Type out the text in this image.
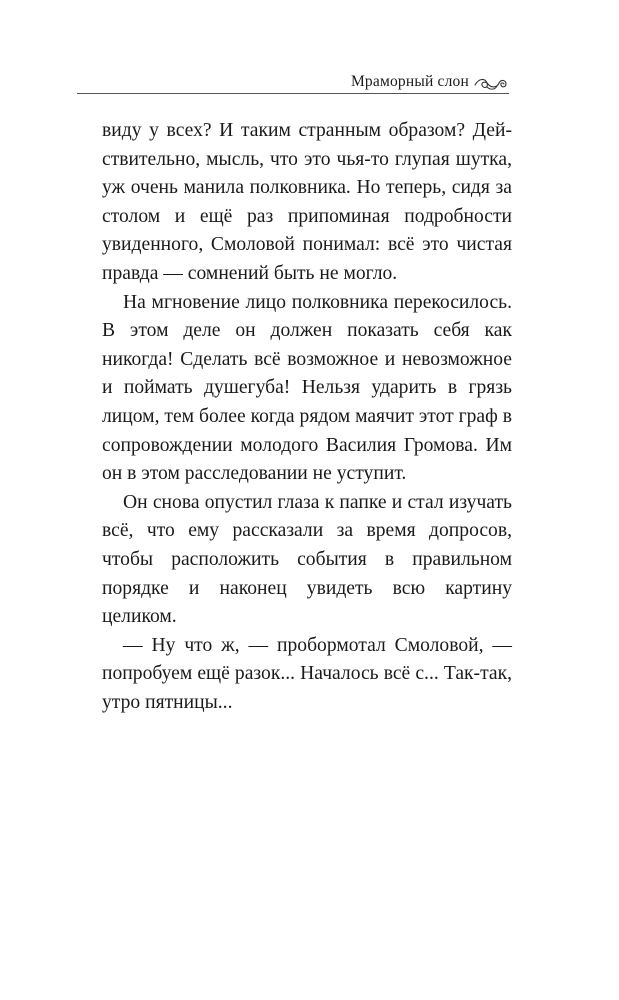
Мраморный слон

виду у всех? И таким странным образом? Действительно, мысль, что это чья-то глупая шутка, уж очень манила полковника. Но теперь, сидя за столом и ещё раз припоминая подробности увиденного, Смоловой понимал: всё это чистая правда — сомнений быть не могло.

На мгновение лицо полковника перекосилось. В этом деле он должен показать себя как никогда! Сделать всё возможное и невозможное и поймать душегуба! Нельзя ударить в грязь лицом, тем более когда рядом маячит этот граф в сопровождении молодого Василия Громова. Им он в этом расследовании не уступит.

Он снова опустил глаза к папке и стал изучать всё, что ему рассказали за время допросов, чтобы расположить события в правильном порядке и наконец увидеть всю картину целиком.

— Ну что ж, — пробормотал Смоловой, — попробуем ещё разок... Началось всё с... Так-так, утро пятницы...
